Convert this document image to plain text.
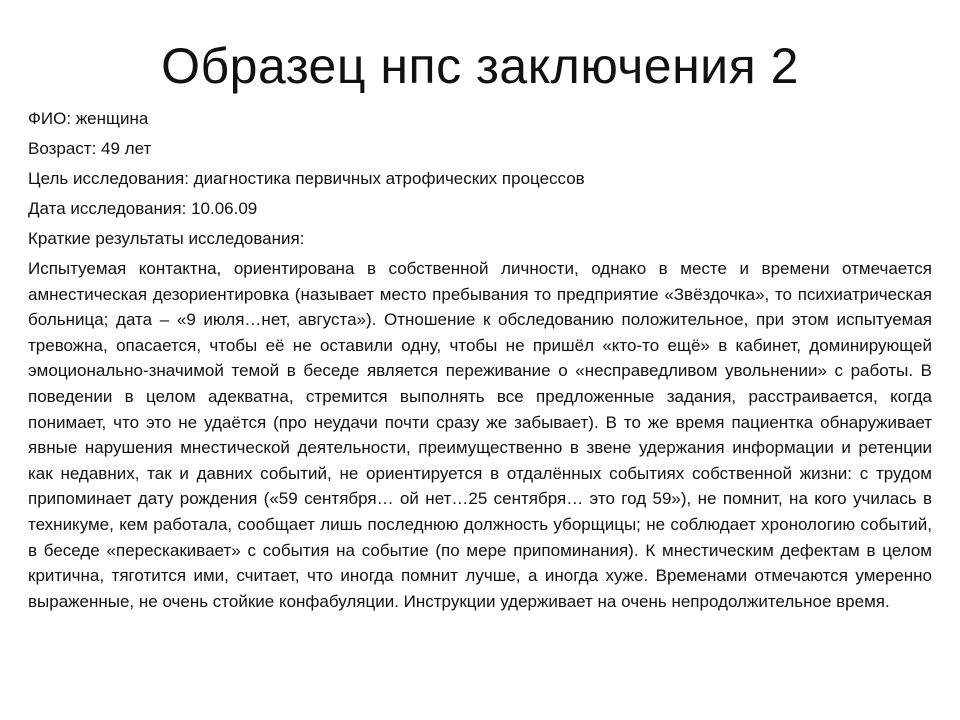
Образец нпс заключения 2

ФИО: женщина

Возраст: 49 лет

Цель исследования: диагностика первичных атрофических процессов

Дата исследования: 10.06.09

Краткие результаты исследования:

Испытуемая контактна, ориентирована в собственной личности, однако в месте и времени отмечается амнестическая дезориентировка (называет место пребывания то предприятие «Звёздочка», то психиатрическая больница; дата – «9 июля…нет, августа»). Отношение к обследованию положительное, при этом испытуемая тревожна, опасается, чтобы её не оставили одну, чтобы не пришёл «кто-то ещё» в кабинет, доминирующей эмоционально-значимой темой в беседе является переживание о «несправедливом увольнении» с работы. В поведении в целом адекватна, стремится выполнять все предложенные задания, расстраивается, когда понимает, что это не удаётся (про неудачи почти сразу же забывает). В то же время пациентка обнаруживает явные нарушения мнестической деятельности, преимущественно в звене удержания информации и ретенции как недавних, так и давних событий, не ориентируется в отдалённых событиях собственной жизни: с трудом припоминает дату рождения («59 сентября… ой нет…25 сентября… это год 59»), не помнит, на кого училась в техникуме, кем работала, сообщает лишь последнюю должность уборщицы; не соблюдает хронологию событий, в беседе «перескакивает» с события на событие (по мере припоминания). К мнестическим дефектам в целом критична, тяготится ими, считает, что иногда помнит лучше, а иногда хуже. Временами отмечаются умеренно выраженные, не очень стойкие конфабуляции. Инструкции удерживает на очень непродолжительное время.
